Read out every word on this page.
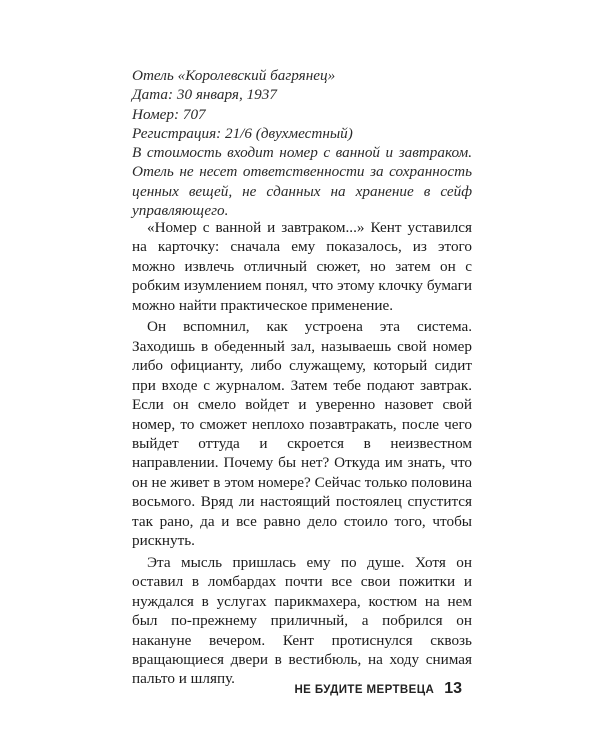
Отель «Королевский багрянец»
Дата: 30 января, 1937
Номер: 707
Регистрация: 21/6 (двухместный)
В стоимость входит номер с ванной и завтраком. Отель не несет ответственности за сохранность ценных вещей, не сданных на хранение в сейф управляющего.

«Номер с ванной и завтраком...» Кент уставился на карточку: сначала ему показалось, из этого можно извлечь отличный сюжет, но затем он с робким изумлением понял, что этому клочку бумаги можно найти практическое применение.

Он вспомнил, как устроена эта система. Заходишь в обеденный зал, называешь свой номер либо официанту, либо служащему, который сидит при входе с журналом. Затем тебе подают завтрак. Если он смело войдет и уверенно назовет свой номер, то сможет неплохо позавтракать, после чего выйдет оттуда и скроется в неизвестном направлении. Почему бы нет? Откуда им знать, что он не живет в этом номере? Сейчас только половина восьмого. Вряд ли настоящий постоялец спустится так рано, да и все равно дело стоило того, чтобы рискнуть.

Эта мысль пришлась ему по душе. Хотя он оставил в ломбардах почти все свои пожитки и нуждался в услугах парикмахера, костюм на нем был по-прежнему приличный, а побрился он накануне вечером. Кент протиснулся сквозь вращающиеся двери в вестибюль, на ходу снимая пальто и шляпу.

НЕ БУДИТЕ МЕРТВЕЦА 13
